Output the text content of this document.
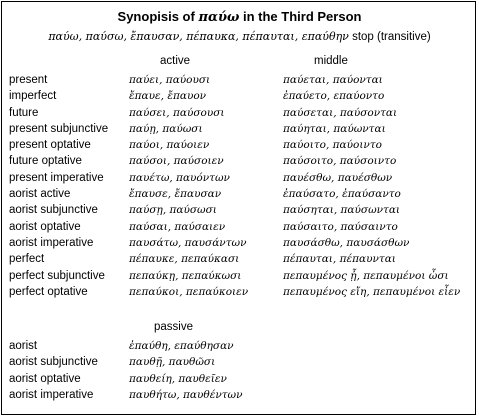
Synopisis of παύω in the Third Person
παύω, παύσω, ἔπαυσαν, πέπαυκα, πέπαυται, επαύθην stop (transitive)
active	middle
present	παύει, παύουσι	παύεται, παύονται
imperfect	ἔπαυε, ἔπαυον	ἐπαύετο, επαύοντο
future	παύσει, παύσουσι	παύσεται, παύσονται
present subjunctive παύῃ, παύωσι	παύηται, παύωνται
present optative	παύοι, παύοιεν	παύοιτο, παύοιντο
future optative	παύσοι, παύσοιεν	παύσοιτο, παύσοιντο
present imperative παυέτω, παυόντων	παυέσθω, παυέσθων
aorist active	ἔπαυσε, ἔπαυσαν	ἐπαύσατο, ἐπαύσαντο
aorist subjunctive	παύσῃ, παύσωσι	παύσηται, παύσωνται
aorist optative	παύσαι, παύσαιεν	παύσαιτο, παύσαιντο
aorist imperative	παυσάτω, παυσάντων	παυσάσθω, παυσάσθων
perfect	πέπαυκε, πεπαύκασι	πέπαυται, πέπαυνται
perfect subjunctive πεπαύκῃ, πεπαύκωσι	πεπαυμένος ᾖ, πεπαυμένοι ὦσι
perfect optative	πεπαύκοι, πεπαύκοιεν	πεπαυμένος εἴη, πεπαυμένοι εἶεν
passive
aorist	ἐπαύθη, επαύθησαν
aorist subjunctive	παυθῇ, παυθῶσι
aorist optative	παυθείη, παυθεῖεν
aorist imperative	παυθήτω, παυθέντων
